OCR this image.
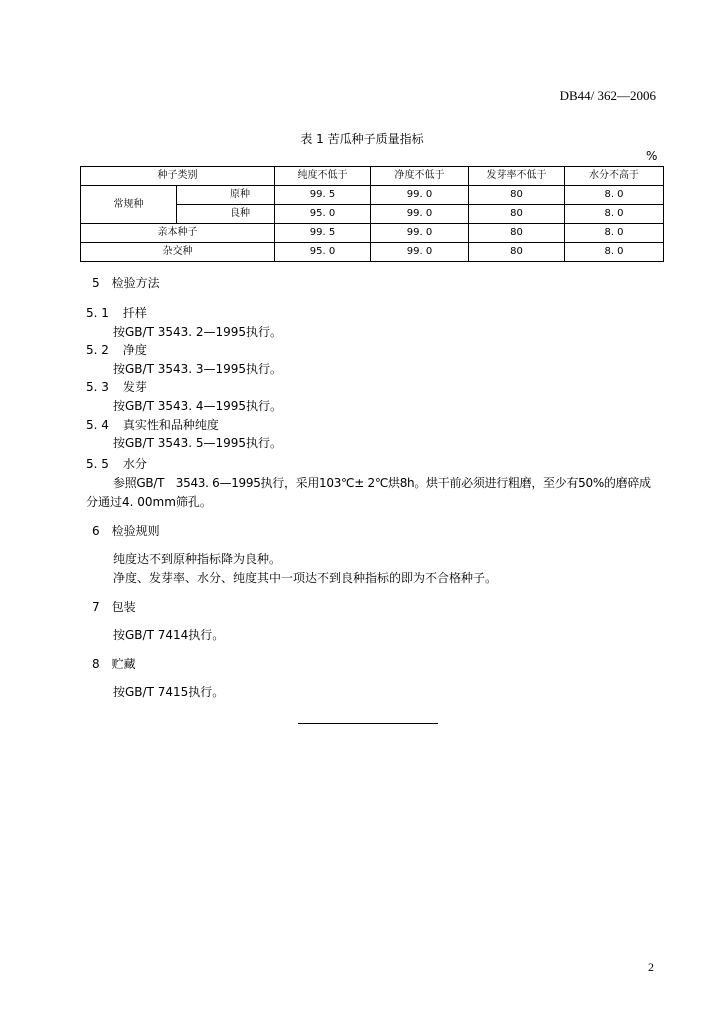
DB44/ 362—2006
表 1 苦瓜种子质量指标
%
种子类别		纯度不低于	净度不低于	发芽率不低于	水分不高于
常规种	原种	99. 5	99. 0	80	8. 0
	良种	95. 0	99. 0	80	8. 0
亲本种子		99. 5	99. 0	80	8. 0
杂交种		95. 0	99. 0	80	8. 0
5 检验方法
5. 1 扦样
按GB/T 3543. 2—1995执行。
5. 2 净度
按GB/T 3543. 3—1995执行。
5. 3 发芽
按GB/T 3543. 4—1995执行。
5. 4 真实性和品种纯度
按GB/T 3543. 5—1995执行。
5. 5 水分
参照GB/T　3543. 6—1995执行，采用103℃± 2℃烘8h。烘干前必须进行粗磨，至少有50%的磨碎成
分通过4. 00mm筛孔。
6 检验规则
纯度达不到原种指标降为良种。
净度、发芽率、水分、纯度其中一项达不到良种指标的即为不合格种子。
7 包装
按GB/T 7414执行。
8 贮藏
按GB/T 7415执行。
2
